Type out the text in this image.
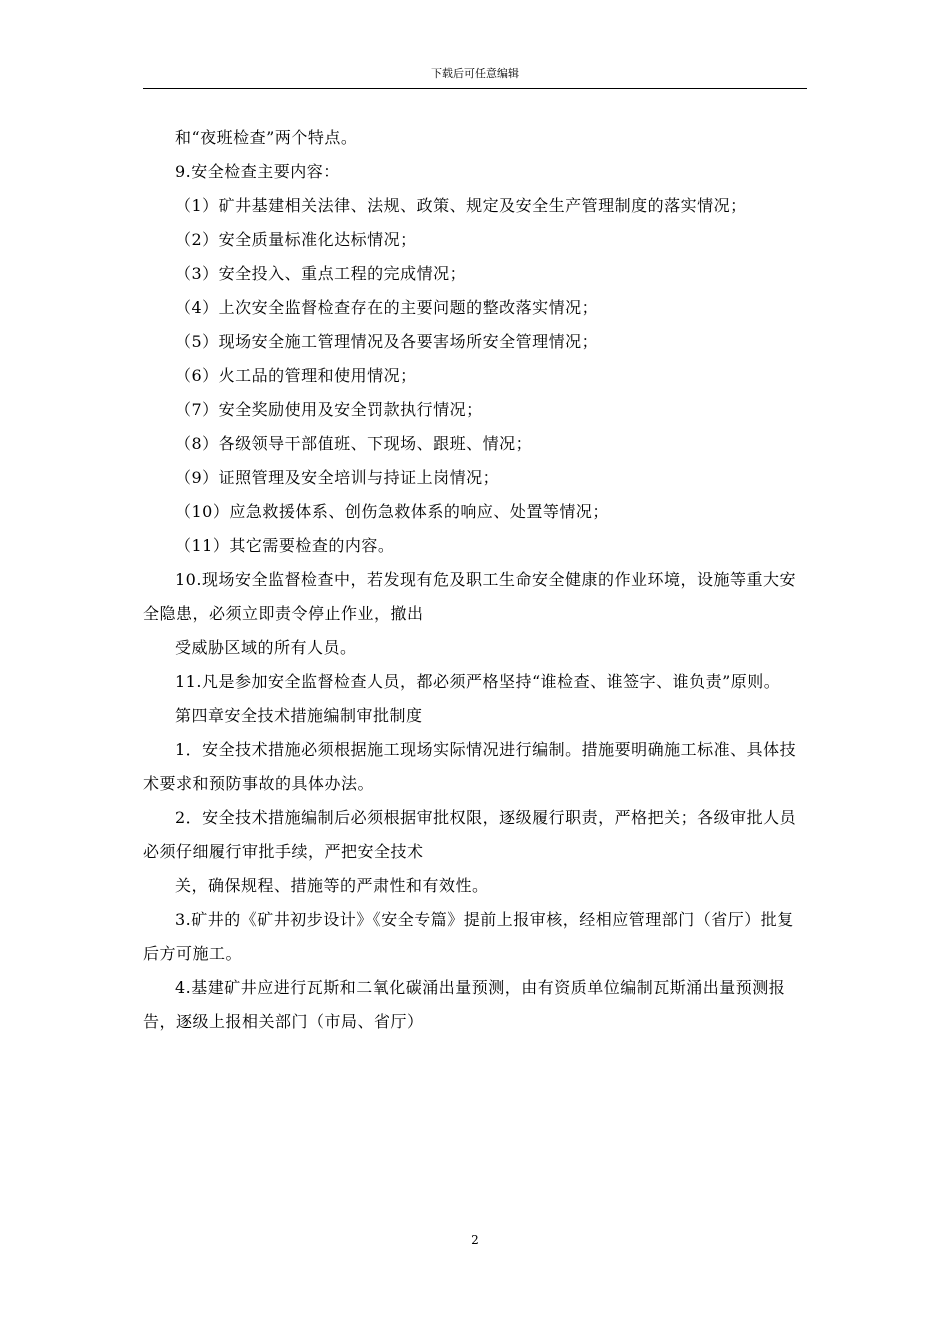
下载后可任意编辑

和“夜班检查”两个特点。

9.安全检查主要内容：

（1）矿井基建相关法律、法规、政策、规定及安全生产管理制度的落实情况；

（2）安全质量标准化达标情况；

（3）安全投入、重点工程的完成情况；

（4）上次安全监督检查存在的主要问题的整改落实情况；

（5）现场安全施工管理情况及各要害场所安全管理情况；

（6）火工品的管理和使用情况；

（7）安全奖励使用及安全罚款执行情况；

（8）各级领导干部值班、下现场、跟班、情况；

（9）证照管理及安全培训与持证上岗情况；

（10）应急救援体系、创伤急救体系的响应、处置等情况；

（11）其它需要检查的内容。

10.现场安全监督检查中，若发现有危及职工生命安全健康的作业环境，设施等重大安全隐患，必须立即责令停止作业，撤出

受威胁区域的所有人员。

11.凡是参加安全监督检查人员，都必须严格坚持“谁检查、谁签字、谁负责”原则。

第四章安全技术措施编制审批制度

1．安全技术措施必须根据施工现场实际情况进行编制。措施要明确施工标准、具体技术要求和预防事故的具体办法。

2．安全技术措施编制后必须根据审批权限，逐级履行职责，严格把关；各级审批人员必须仔细履行审批手续，严把安全技术

关，确保规程、措施等的严肃性和有效性。

3.矿井的《矿井初步设计》《安全专篇》提前上报审核，经相应管理部门（省厅）批复后方可施工。

4.基建矿井应进行瓦斯和二氧化碳涌出量预测，由有资质单位编制瓦斯涌出量预测报告，逐级上报相关部门（市局、省厅）

2
